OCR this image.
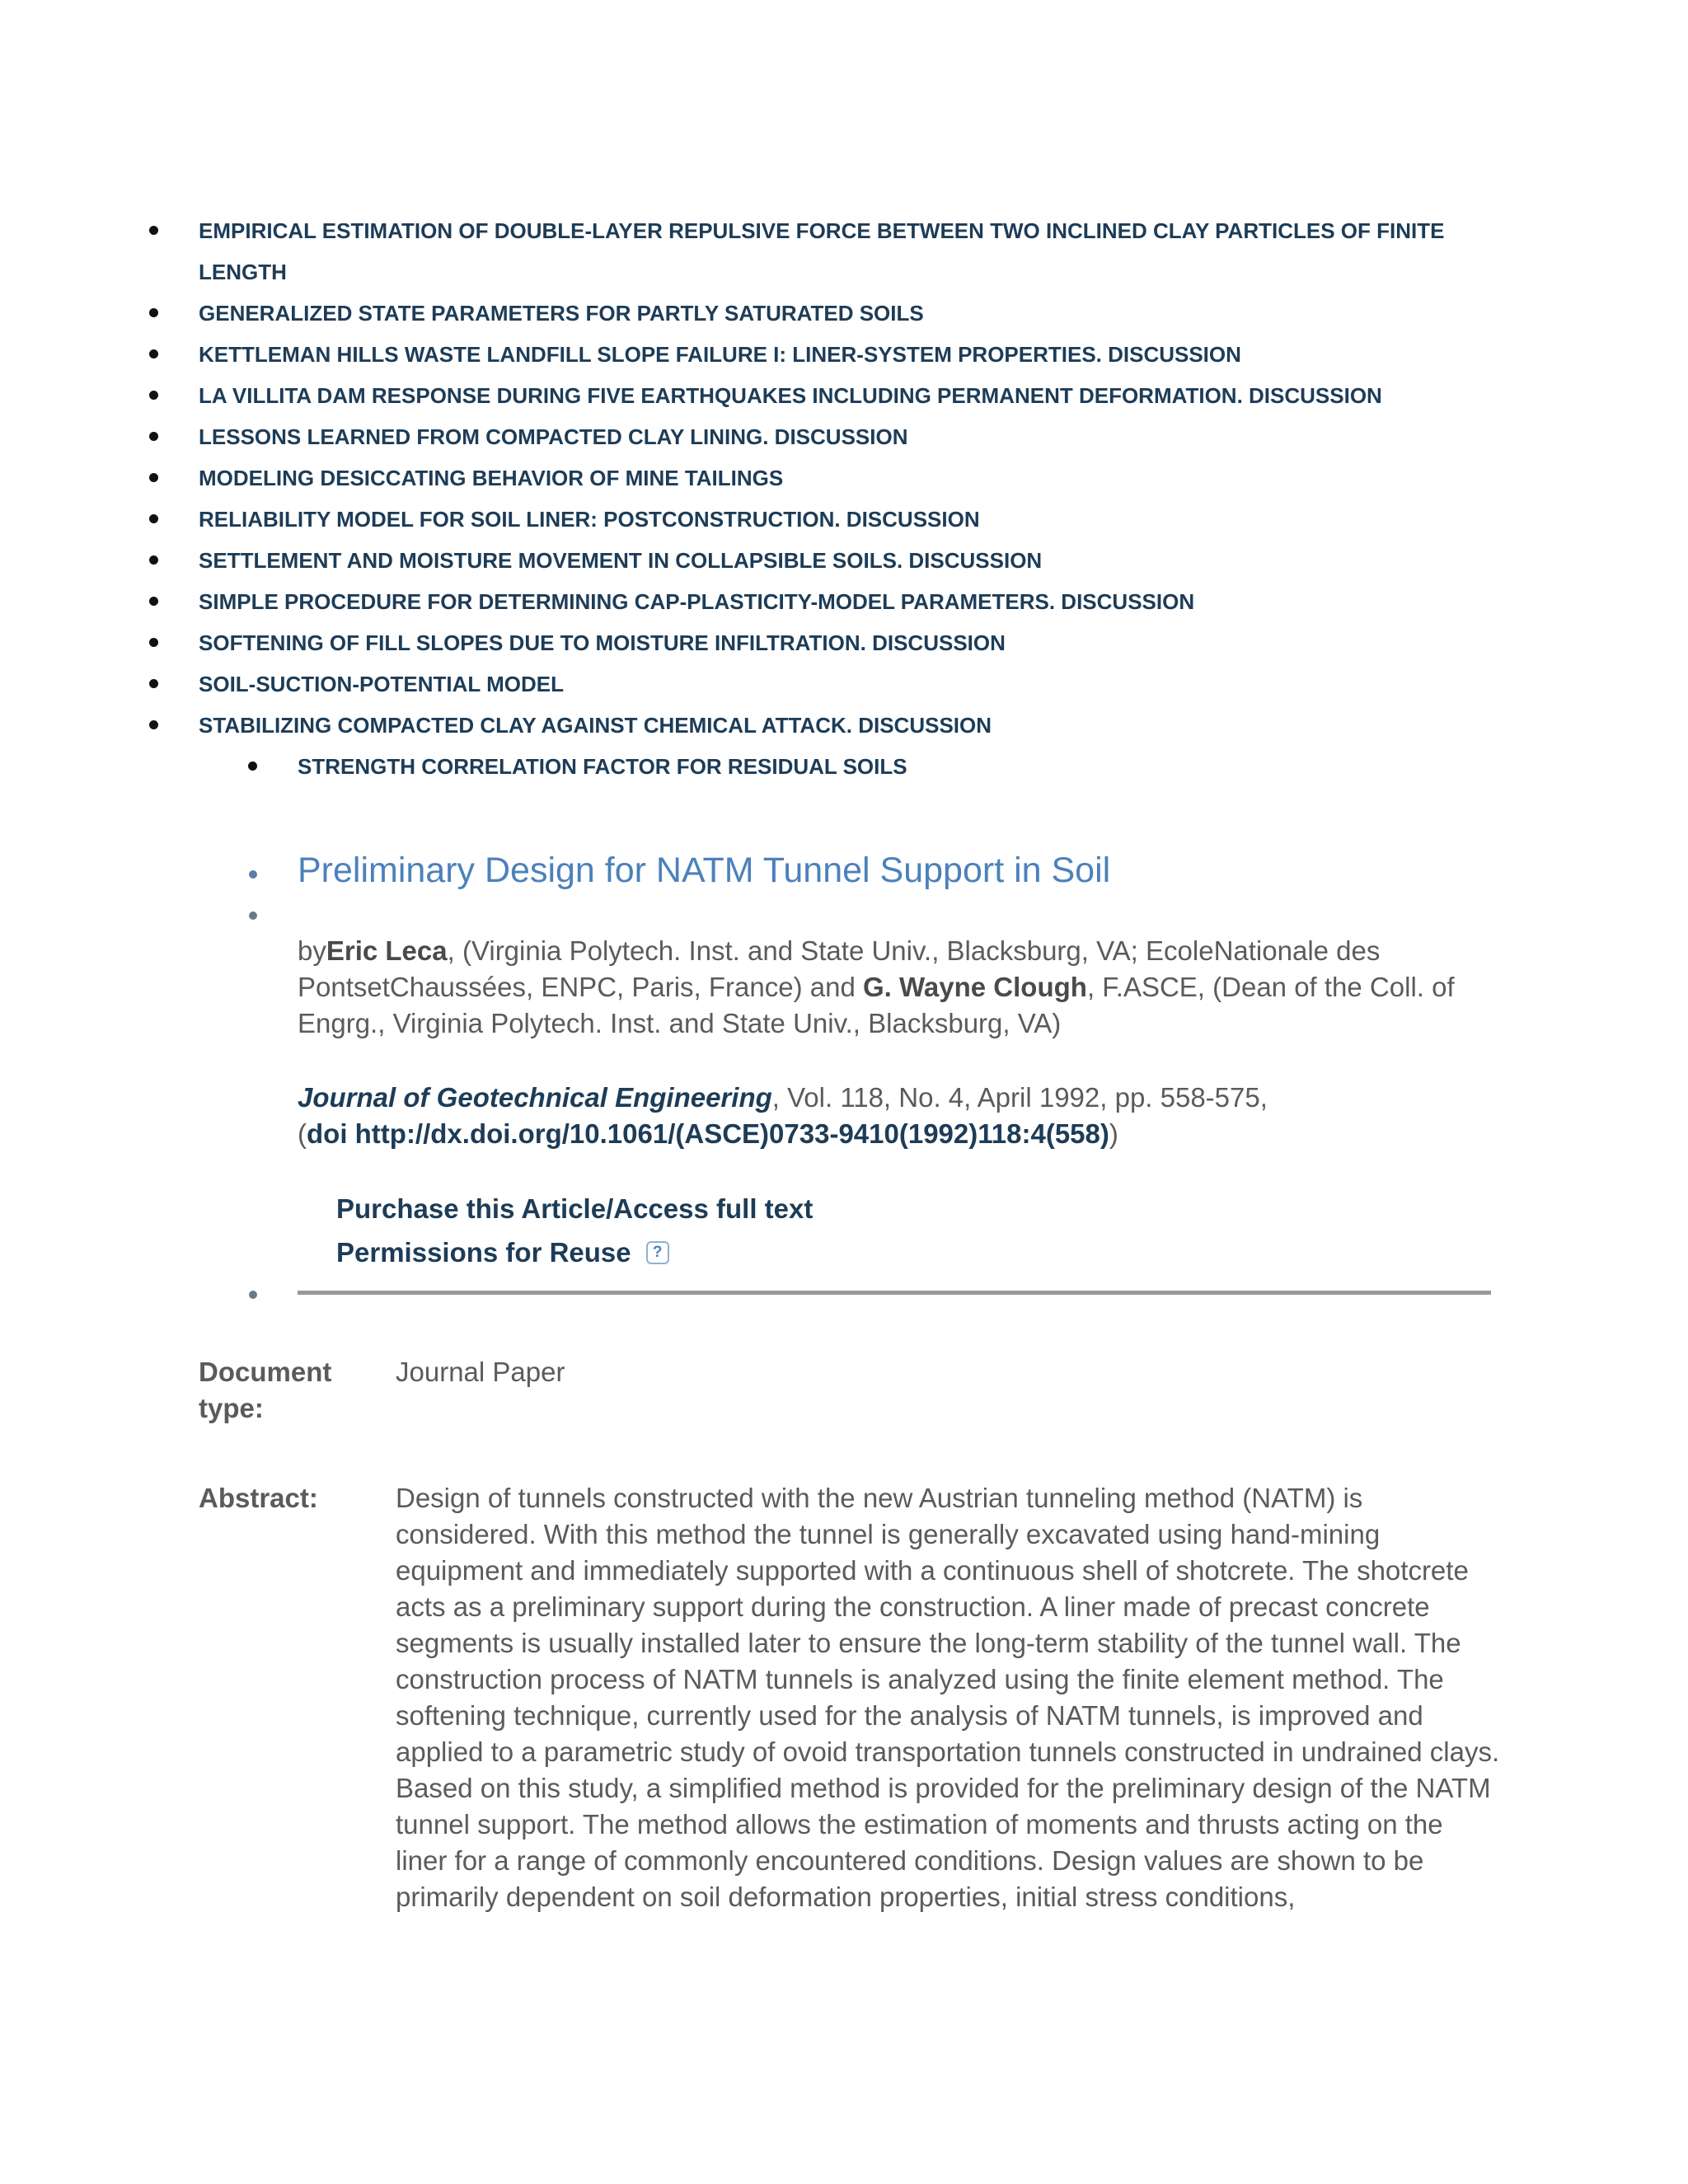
EMPIRICAL ESTIMATION OF DOUBLE-LAYER REPULSIVE FORCE BETWEEN TWO INCLINED CLAY PARTICLES OF FINITE LENGTH
GENERALIZED STATE PARAMETERS FOR PARTLY SATURATED SOILS
KETTLEMAN HILLS WASTE LANDFILL SLOPE FAILURE I: LINER-SYSTEM PROPERTIES. DISCUSSION
LA VILLITA DAM RESPONSE DURING FIVE EARTHQUAKES INCLUDING PERMANENT DEFORMATION. DISCUSSION
LESSONS LEARNED FROM COMPACTED CLAY LINING. DISCUSSION
MODELING DESICCATING BEHAVIOR OF MINE TAILINGS
RELIABILITY MODEL FOR SOIL LINER: POSTCONSTRUCTION. DISCUSSION
SETTLEMENT AND MOISTURE MOVEMENT IN COLLAPSIBLE SOILS. DISCUSSION
SIMPLE PROCEDURE FOR DETERMINING CAP-PLASTICITY-MODEL PARAMETERS. DISCUSSION
SOFTENING OF FILL SLOPES DUE TO MOISTURE INFILTRATION. DISCUSSION
SOIL-SUCTION-POTENTIAL MODEL
STABILIZING COMPACTED CLAY AGAINST CHEMICAL ATTACK. DISCUSSION
STRENGTH CORRELATION FACTOR FOR RESIDUAL SOILS
Preliminary Design for NATM Tunnel Support in Soil
byEric Leca, (Virginia Polytech. Inst. and State Univ., Blacksburg, VA; EcoleNationale des PontsetChaussées, ENPC, Paris, France) and G. Wayne Clough, F.ASCE, (Dean of the Coll. of Engrg., Virginia Polytech. Inst. and State Univ., Blacksburg, VA)
Journal of Geotechnical Engineering, Vol. 118, No. 4, April 1992, pp. 558-575,
(doi http://dx.doi.org/10.1061/(ASCE)0733-9410(1992)118:4(558))
Purchase this Article/Access full text
Permissions for Reuse ?
Document type:
Journal Paper
Abstract:	Design of tunnels constructed with the new Austrian tunneling method (NATM) is considered. With this method the tunnel is generally excavated using hand-mining equipment and immediately supported with a continuous shell of shotcrete. The shotcrete acts as a preliminary support during the construction. A liner made of precast concrete segments is usually installed later to ensure the long-term stability of the tunnel wall. The construction process of NATM tunnels is analyzed using the finite element method. The softening technique, currently used for the analysis of NATM tunnels, is improved and applied to a parametric study of ovoid transportation tunnels constructed in undrained clays. Based on this study, a simplified method is provided for the preliminary design of the NATM tunnel support. The method allows the estimation of moments and thrusts acting on the liner for a range of commonly encountered conditions. Design values are shown to be primarily dependent on soil deformation properties, initial stress conditions,
